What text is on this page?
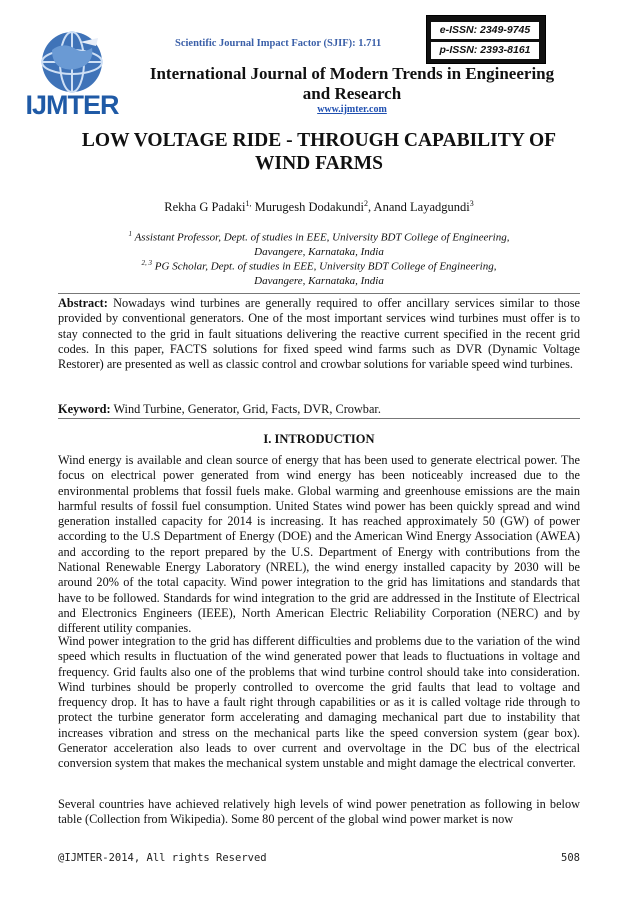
IJMTER
Scientific Journal Impact Factor (SJIF): 1.711
e-ISSN: 2349-9745
p-ISSN: 2393-8161
International Journal of Modern Trends in Engineering
and Research
www.ijmter.com
LOW VOLTAGE RIDE - THROUGH CAPABILITY OF
WIND FARMS
Rekha G Padaki$^{1,}$ Murugesh Dodakundi$^2$, Anand Layadgundi$^3$
$^1$ Assistant Professor, Dept. of studies in EEE, University BDT College of Engineering,
Davangere, Karnataka, India
$^{2, 3}$ PG Scholar, Dept. of studies in EEE, University BDT College of Engineering,
Davangere, Karnataka, India
Abstract: Nowadays wind turbines are generally required to offer ancillary services similar to those provided by conventional generators. One of the most important services wind turbines must offer is to stay connected to the grid in fault situations delivering the reactive current specified in the recent grid codes. In this paper, FACTS solutions for fixed speed wind farms such as DVR (Dynamic Voltage Restorer) are presented as well as classic control and crowbar solutions for variable speed wind turbines.
Keyword: Wind Turbine, Generator, Grid, Facts, DVR, Crowbar.
I. INTRODUCTION
Wind energy is available and clean source of energy that has been used to generate electrical power. The focus on electrical power generated from wind energy has been noticeably increased due to the environmental problems that fossil fuels make. Global warming and greenhouse emissions are the main harmful results of fossil fuel consumption. United States wind power has been quickly spread and wind generation installed capacity for 2014 is increasing. It has reached approximately 50 (GW) of power according to the U.S Department of Energy (DOE) and the American Wind Energy Association (AWEA) and according to the report prepared by the U.S. Department of Energy with contributions from the National Renewable Energy Laboratory (NREL), the wind energy installed capacity by 2030 will be around 20% of the total capacity. Wind power integration to the grid has limitations and standards that have to be followed. Standards for wind integration to the grid are addressed in the Institute of Electrical and Electronics Engineers (IEEE), North American Electric Reliability Corporation (NERC) and by different utility companies.
Wind power integration to the grid has different difficulties and problems due to the variation of the wind speed which results in fluctuation of the wind generated power that leads to fluctuations in voltage and frequency. Grid faults also one of the problems that wind turbine control should take into consideration. Wind turbines should be properly controlled to overcome the grid faults that lead to voltage and frequency drop. It has to have a fault right through capabilities or as it is called voltage ride through to protect the turbine generator form accelerating and damaging mechanical part due to instability that increases vibration and stress on the mechanical parts like the speed conversion system (gear box). Generator acceleration also leads to over current and overvoltage in the DC bus of the electrical conversion system that makes the mechanical system unstable and might damage the electrical converter.
Several countries have achieved relatively high levels of wind power penetration as following in below table (Collection from Wikipedia). Some 80 percent of the global wind power market is now
@IJMTER-2014, All rights Reserved	508
